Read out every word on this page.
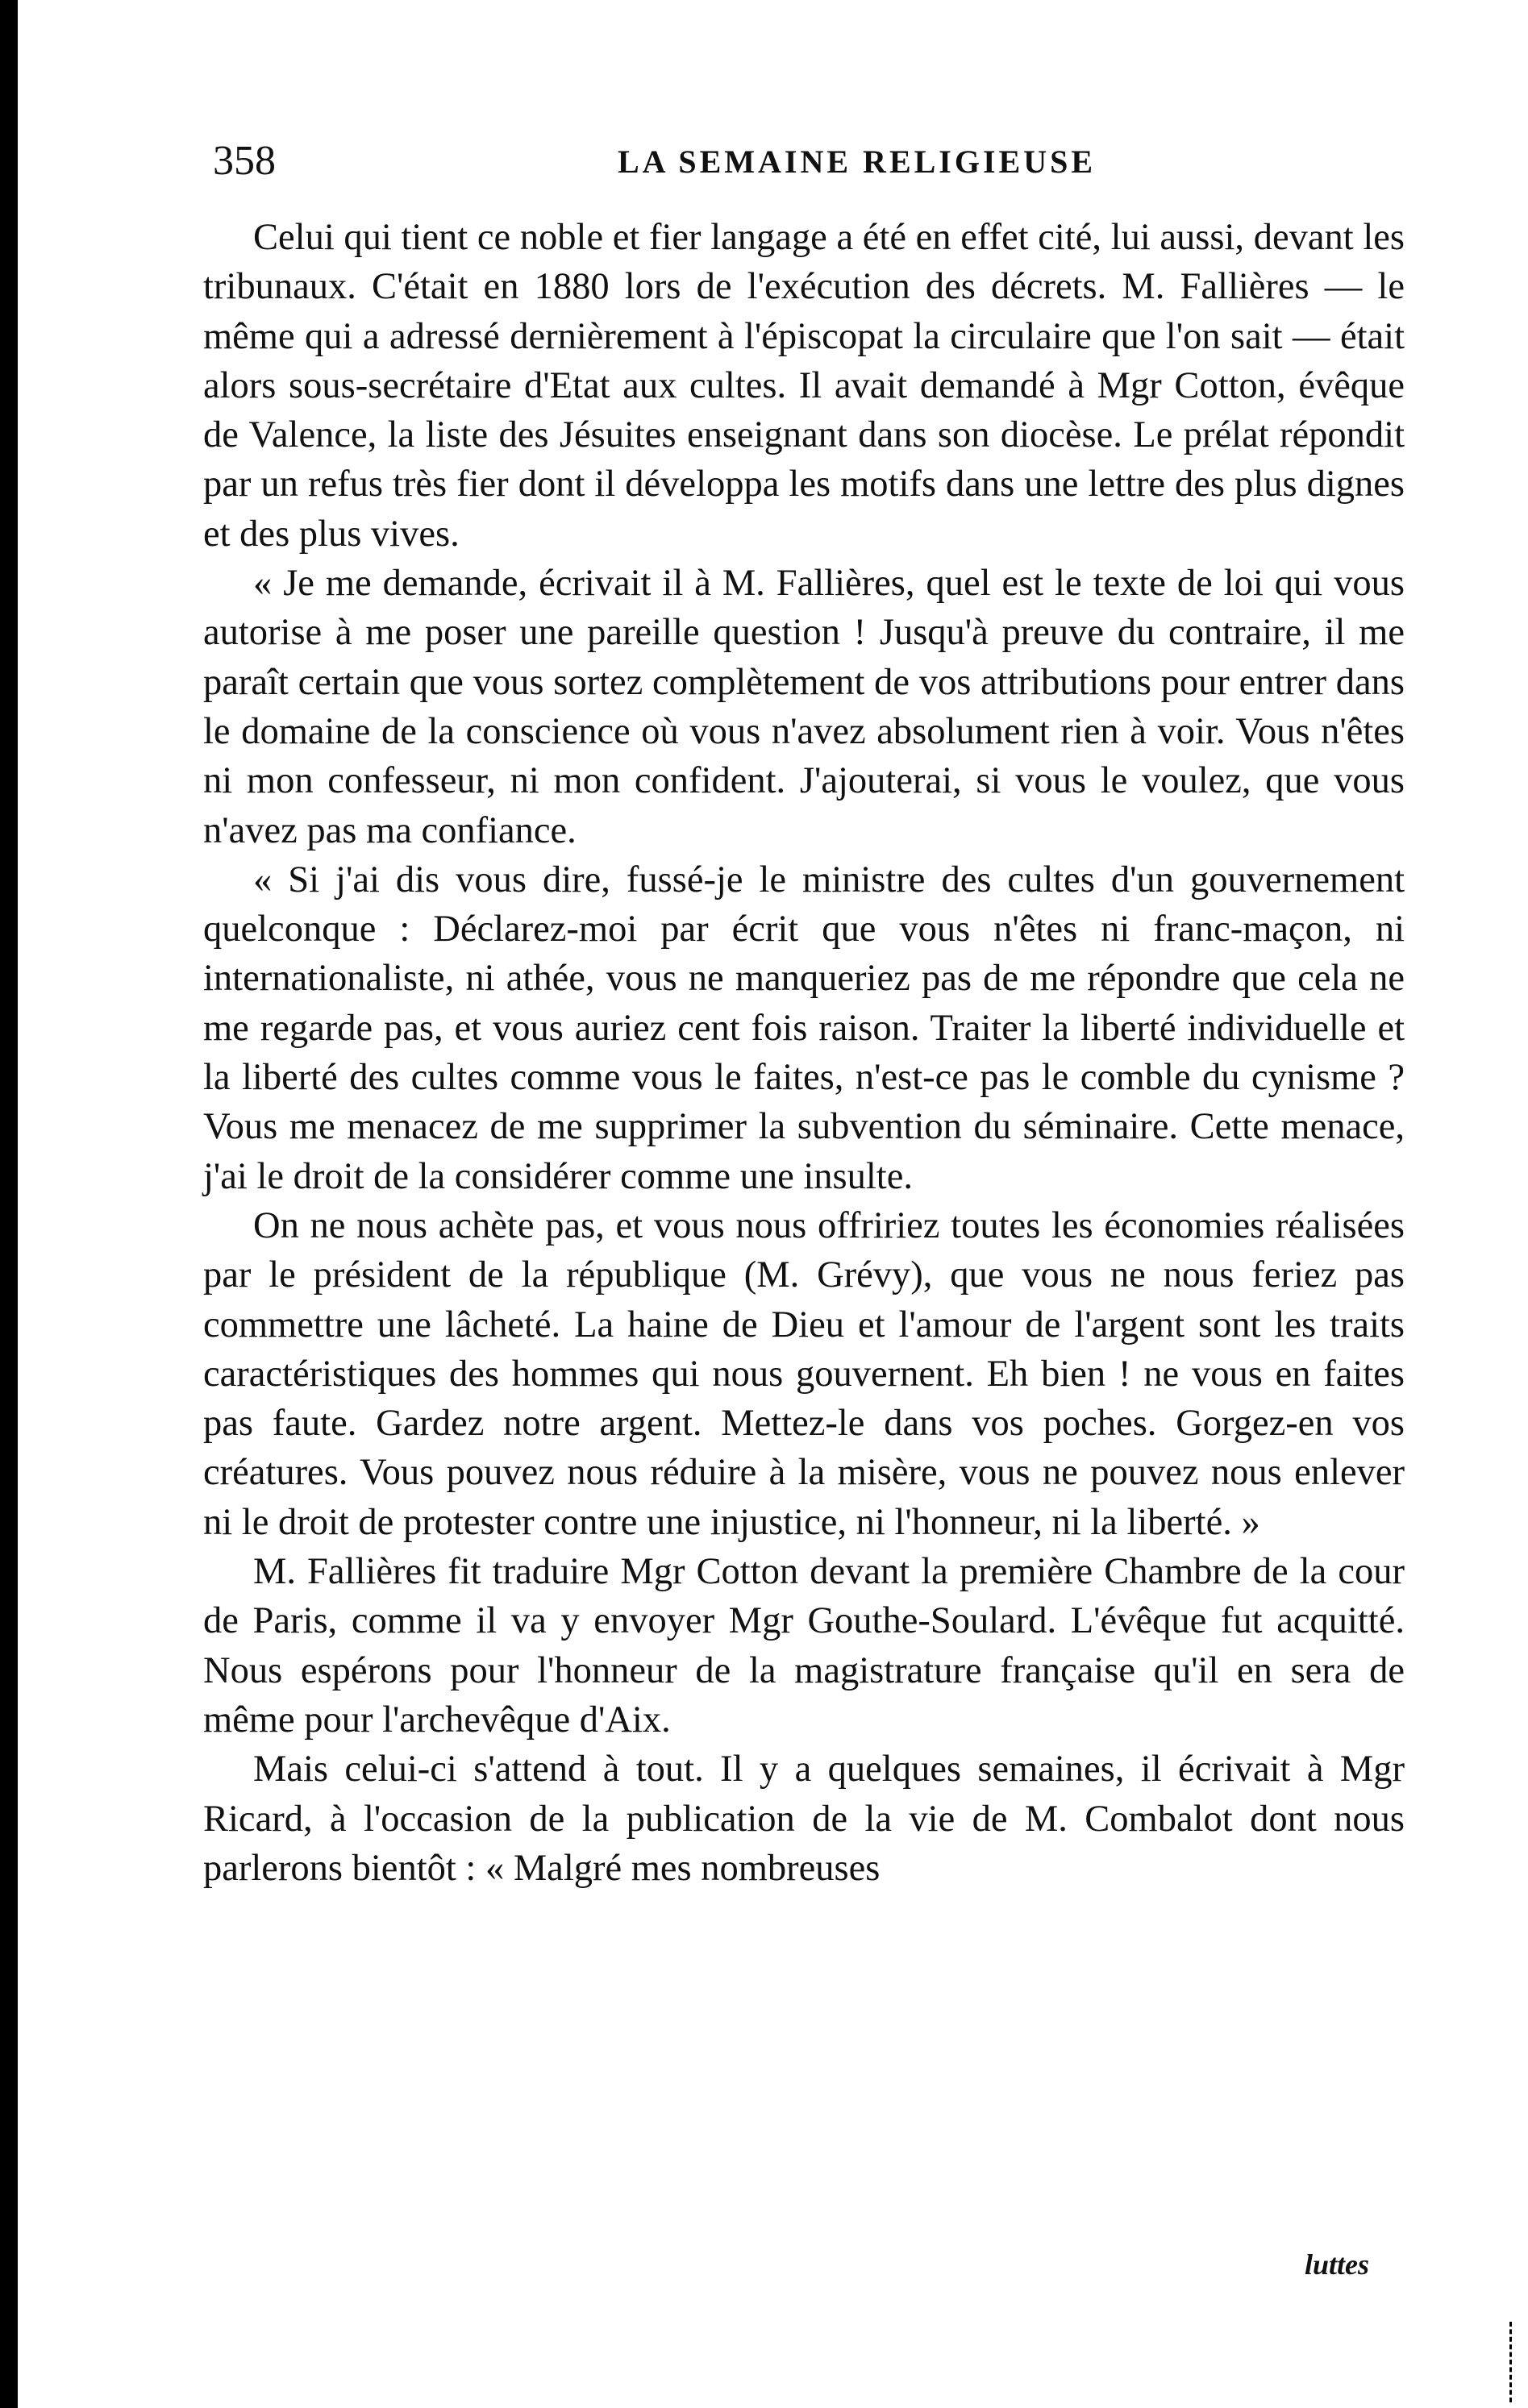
358	LA SEMAINE RELIGIEUSE

Celui qui tient ce noble et fier langage a été en effet cité, lui aussi, devant les tribunaux. C'était en 1880 lors de l'exécution des décrets. M. Fallières — le même qui a adressé dernièrement à l'épiscopat la circulaire que l'on sait — était alors sous-secrétaire d'Etat aux cultes. Il avait demandé à Mgr Cotton, évêque de Valence, la liste des Jésuites enseignant dans son diocèse. Le prélat répondit par un refus très fier dont il développa les motifs dans une lettre des plus dignes et des plus vives.

« Je me demande, écrivait il à M. Fallières, quel est le texte de loi qui vous autorise à me poser une pareille question ! Jusqu'à preuve du contraire, il me paraît certain que vous sortez complètement de vos attributions pour entrer dans le domaine de la conscience où vous n'avez absolument rien à voir. Vous n'êtes ni mon confesseur, ni mon confident. J'ajouterai, si vous le voulez, que vous n'avez pas ma confiance.

« Si j'ai dis vous dire, fussé-je le ministre des cultes d'un gouvernement quelconque : Déclarez-moi par écrit que vous n'êtes ni franc-maçon, ni internationaliste, ni athée, vous ne manqueriez pas de me répondre que cela ne me regarde pas, et vous auriez cent fois raison. Traiter la liberté individuelle et la liberté des cultes comme vous le faites, n'est-ce pas le comble du cynisme ? Vous me menacez de me supprimer la subvention du séminaire. Cette menace, j'ai le droit de la considérer comme une insulte.

On ne nous achète pas, et vous nous offririez toutes les économies réalisées par le président de la république (M. Grévy), que vous ne nous feriez pas commettre une lâcheté. La haine de Dieu et l'amour de l'argent sont les traits caractéristiques des hommes qui nous gouvernent. Eh bien ! ne vous en faites pas faute. Gardez notre argent. Mettez-le dans vos poches. Gorgez-en vos créatures. Vous pouvez nous réduire à la misère, vous ne pouvez nous enlever ni le droit de protester contre une injustice, ni l'honneur, ni la liberté. »

M. Fallières fit traduire Mgr Cotton devant la première Chambre de la cour de Paris, comme il va y envoyer Mgr Gouthe-Soulard. L'évêque fut acquitté. Nous espérons pour l'honneur de la magistrature française qu'il en sera de même pour l'archevêque d'Aix.

Mais celui-ci s'attend à tout. Il y a quelques semaines, il écrivait à Mgr Ricard, à l'occasion de la publication de la vie de M. Combalot dont nous parlerons bientôt : « Malgré mes nombreuses

luttes
